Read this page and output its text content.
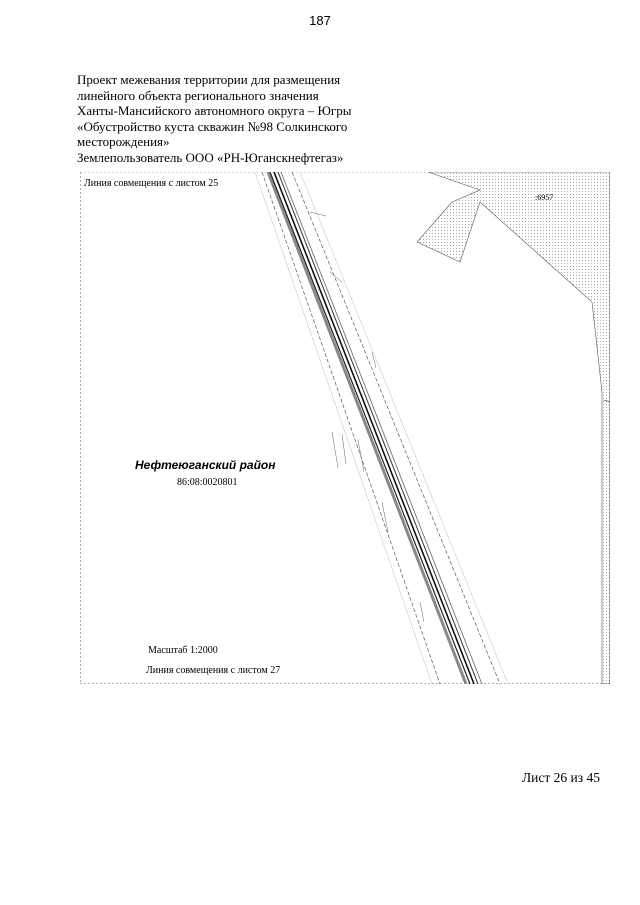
187
Проект межевания территории для размещения
линейного объекта регионального значения
Ханты-Мансийского автономного округа – Югры
«Обустройство куста скважин №98 Солкинского
месторождения»
Землепользователь ООО «РН-Юганскнефтегаз»
Линия совмещения с листом 25
:6957
Нефтеюганский район
86:08:0020801
Масштаб 1:2000
Линия совмещения с листом 27
Лист 26 из 45
